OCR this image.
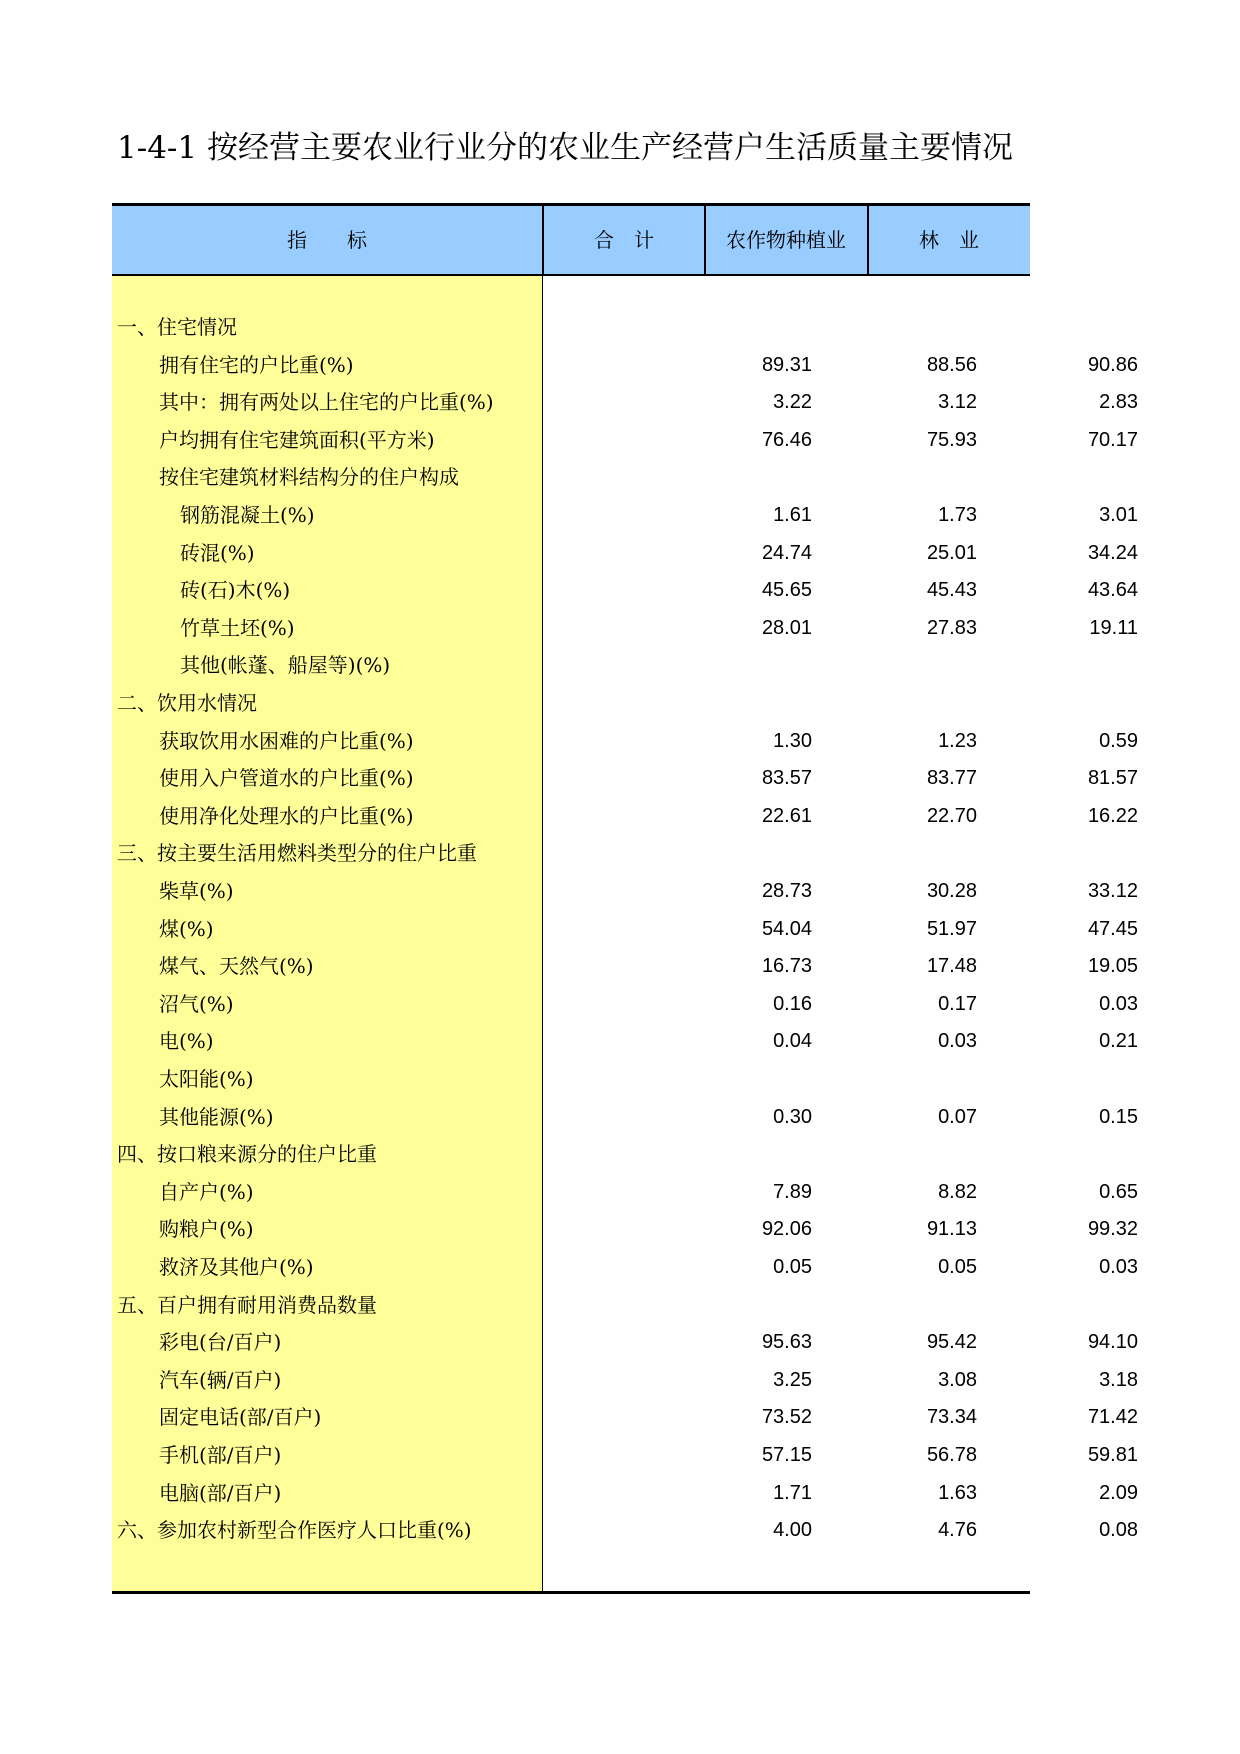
1-4-1 按经营主要农业行业分的农业生产经营户生活质量主要情况
指　　标	合　计	农作物种植业	林　业
一、住宅情况
拥有住宅的户比重(%)	89.31	88.56	90.86
其中：拥有两处以上住宅的户比重(%)	3.22	3.12	2.83
户均拥有住宅建筑面积(平方米)	76.46	75.93	70.17
按住宅建筑材料结构分的住户构成
钢筋混凝土(%)	1.61	1.73	3.01
砖混(%)	24.74	25.01	34.24
砖(石)木(%)	45.65	45.43	43.64
竹草土坯(%)	28.01	27.83	19.11
其他(帐蓬、船屋等)(%)
二、饮用水情况
获取饮用水困难的户比重(%)	1.30	1.23	0.59
使用入户管道水的户比重(%)	83.57	83.77	81.57
使用净化处理水的户比重(%)	22.61	22.70	16.22
三、按主要生活用燃料类型分的住户比重
柴草(%)	28.73	30.28	33.12
煤(%)	54.04	51.97	47.45
煤气、天然气(%)	16.73	17.48	19.05
沼气(%)	0.16	0.17	0.03
电(%)	0.04	0.03	0.21
太阳能(%)
其他能源(%)	0.30	0.07	0.15
四、按口粮来源分的住户比重
自产户(%)	7.89	8.82	0.65
购粮户(%)	92.06	91.13	99.32
救济及其他户(%)	0.05	0.05	0.03
五、百户拥有耐用消费品数量
彩电(台/百户)	95.63	95.42	94.10
汽车(辆/百户)	3.25	3.08	3.18
固定电话(部/百户)	73.52	73.34	71.42
手机(部/百户)	57.15	56.78	59.81
电脑(部/百户)	1.71	1.63	2.09
六、参加农村新型合作医疗人口比重(%)	4.00	4.76	0.08
